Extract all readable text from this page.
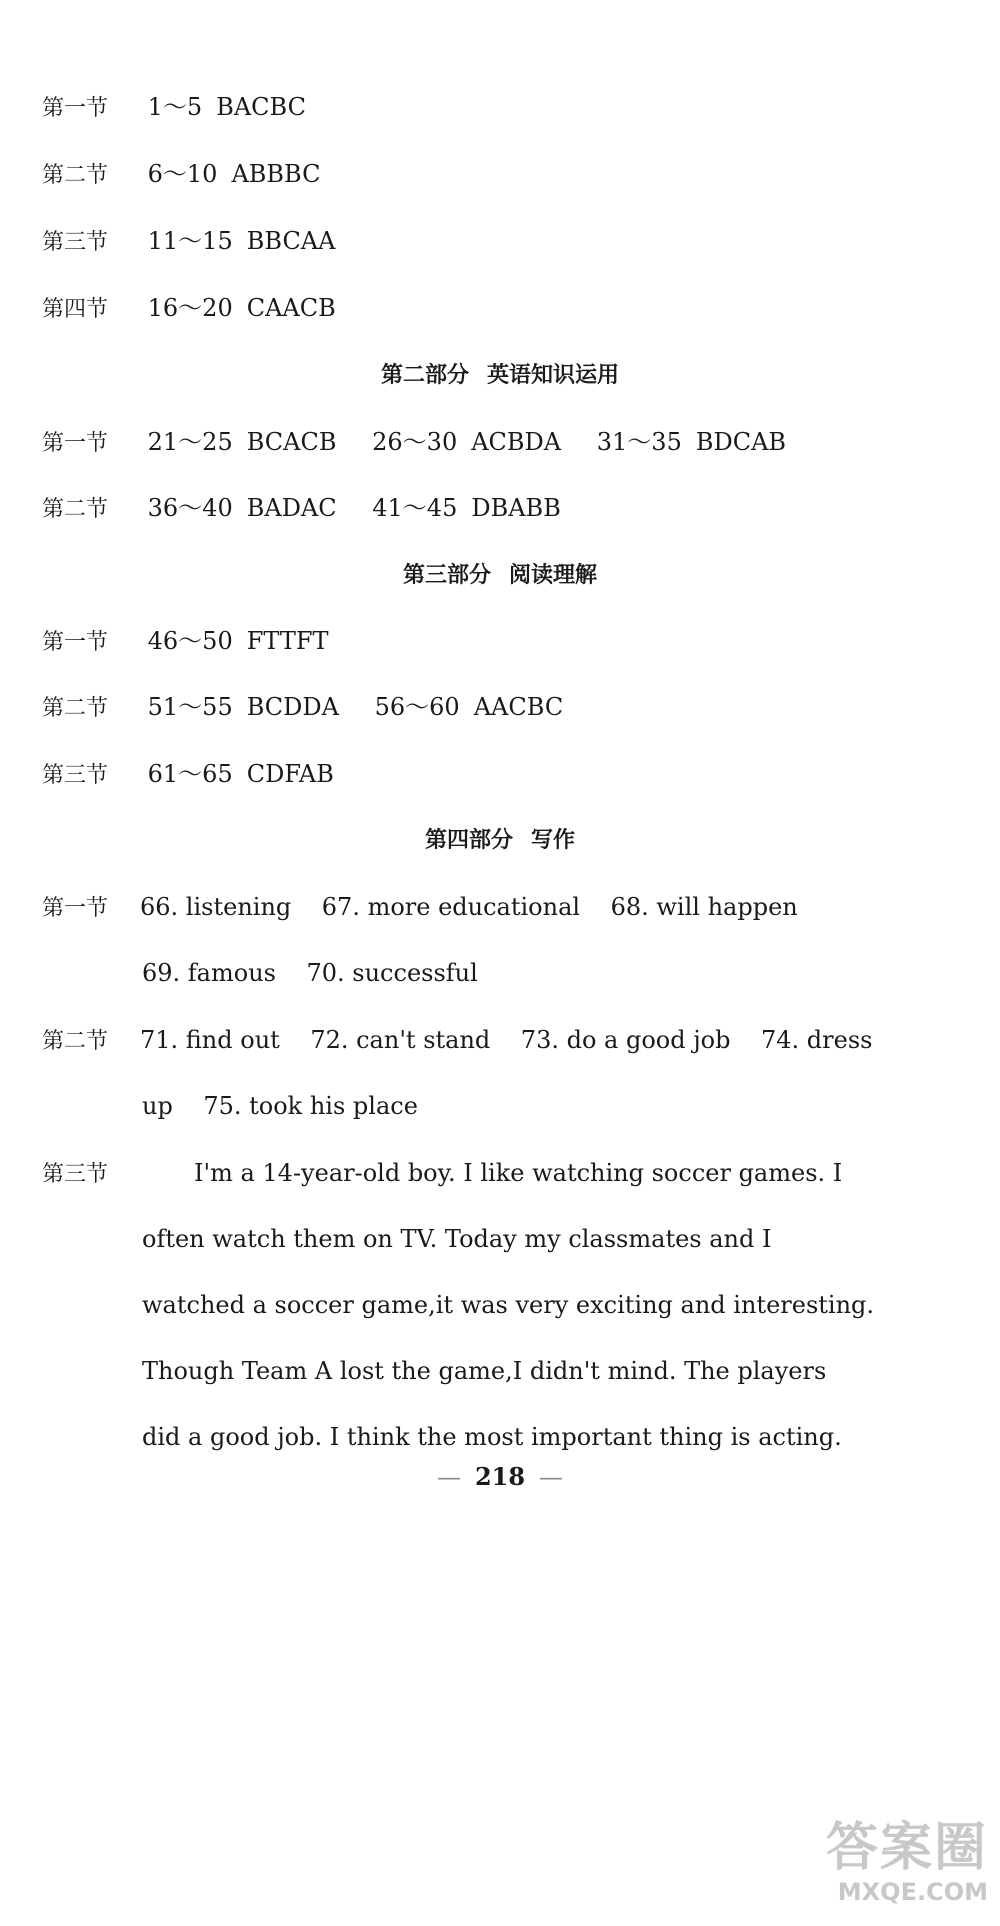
第一节 1～5 BACBC
第二节 6～10 ABBBC
第三节 11～15 BBCAA
第四节 16～20 CAACB
第二部分 英语知识运用
第一节 21～25 BCACB 26～30 ACBDA 31～35 BDCAB
第二节 36～40 BADAC 41～45 DBABB
第三部分 阅读理解
第一节 46～50 FTTFT
第二节 51～55 BCDDA 56～60 AACBC
第三节 61～65 CDFAB
第四部分 写作
第一节 66. listening    67. more educational    68. will happen
69. famous    70. successful
第二节 71. find out    72. can't stand    73. do a good job    74. dress
up    75. took his place
第三节	I'm a 14-year-old boy. I like watching soccer games. I
often watch them on TV. Today my classmates and I
watched a soccer game,it was very exciting and interesting.
Though Team A lost the game,I didn't mind. The players
did a good job. I think the most important thing is acting.
— 218 —
答案圈
MXQE.COM
